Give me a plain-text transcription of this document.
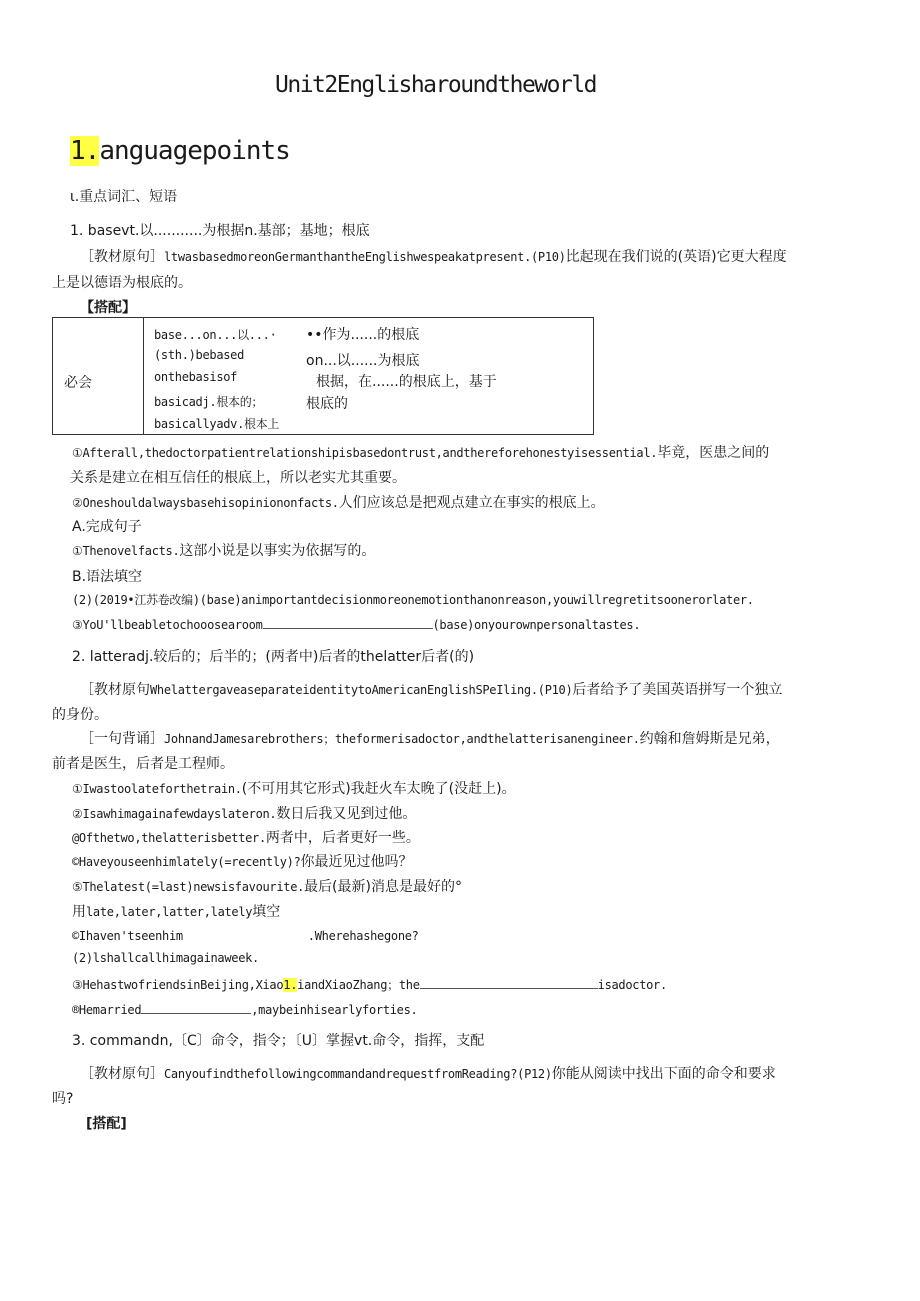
Unit2Englisharoundtheworld
1.anguagepoints
ι.重点词汇、短语
1. basevt.以...........为根据n.基部；基地；根底
［教材原句］ltwasbasedmoreonGermanthantheEnglishwespeakatpresent.(P10)比起现在我们说的(英语)它更大程度
上是以德语为根底的。
【搭配】
必会

base...on...以...· ••作为......的根底
(sth.)bebased	on...以......为根底
onthebasisof	根据，在......的根底上，基于
basicadj.根本的；	根底的
basicallyadv.根本上
①Afterall,thedoctorpatientrelationshipisbasedontrust,andthereforehonestyisessential.毕竟，医患之间的
关系是建立在相互信任的根底上，所以老实尤其重要。
②Oneshouldalwaysbasehisopiniononfacts.人们应该总是把观点建立在事实的根底上。
A.完成句子
①Thenovelfacts.这部小说是以事实为依据写的。
B.语法填空
(2)(2019•江苏卷改编)(base)animportantdecisionmoreonemotionthanonreason,youwillregretitsoonerorlater.
③YoU'llbeabletochooosearoom	(base)onyourownpersonaltastes.
2. latteradj.较后的；后半的；(两者中)后者的thelatter后者(的)
［教材原句WhelattergaveaseparateidentitytoAmericanEnglishSPeIling.(P10)后者给予了美国英语拼写一个独立
的身份。
［一句背诵］JohnandJamesarebrothers；theformerisadoctor,andthelatterisanengineer.约翰和詹姆斯是兄弟，
前者是医生，后者是工程师。
①Iwastoolateforthetrain.(不可用其它形式)我赶火车太晚了(没赶上)。
②Isawhimagainafewdayslateron.数日后我又见到过他。
@Ofthetwo,thelatterisbetter.两者中，后者更好一些。
©Haveyouseenhimlately(=recently)?你最近见过他吗？
⑤Thelatest(=last)newsisfavourite.最后(最新)消息是最好的°
用late,later,latter,lately填空
©Ihaven'tseenhim	.Wherehashegone?
(2)lshallcallhimagainaweek.
③HehastwofriendsinBeijing,Xiao1.iandXiaoZhang；the	isadoctor.
®Hemarried	,maybeinhisearlyforties.
3. commandn,〔C〕命令，指令；〔U〕掌握vt.命令，指挥，支配
［教材原句］CanyoufindthefollowingcommandandrequestfromReading?(P12)你能从阅读中找出下面的命令和要求
吗?
[搭配]
